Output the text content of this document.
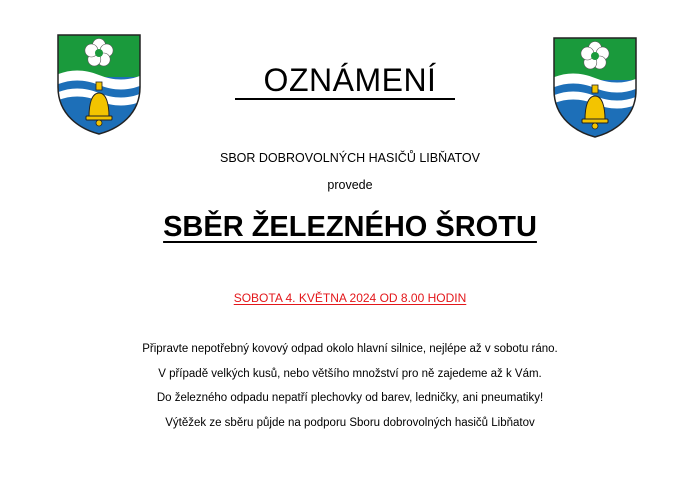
OZNÁMENÍ
SBOR DOBROVOLNÝCH HASIČŮ LIBŇATOV
provede
SBĚR ŽELEZNÉHO ŠROTU
SOBOTA 4. KVĚTNA 2024 OD 8.00 HODIN
Připravte nepotřebný kovový odpad okolo hlavní silnice, nejlépe až v sobotu ráno.
V případě velkých kusů, nebo většího množství pro ně zajedeme až k Vám.
Do železného odpadu nepatří plechovky od barev, ledničky, ani pneumatiky!
Výtěžek ze sběru půjde na podporu Sboru dobrovolných hasičů Libňatov
